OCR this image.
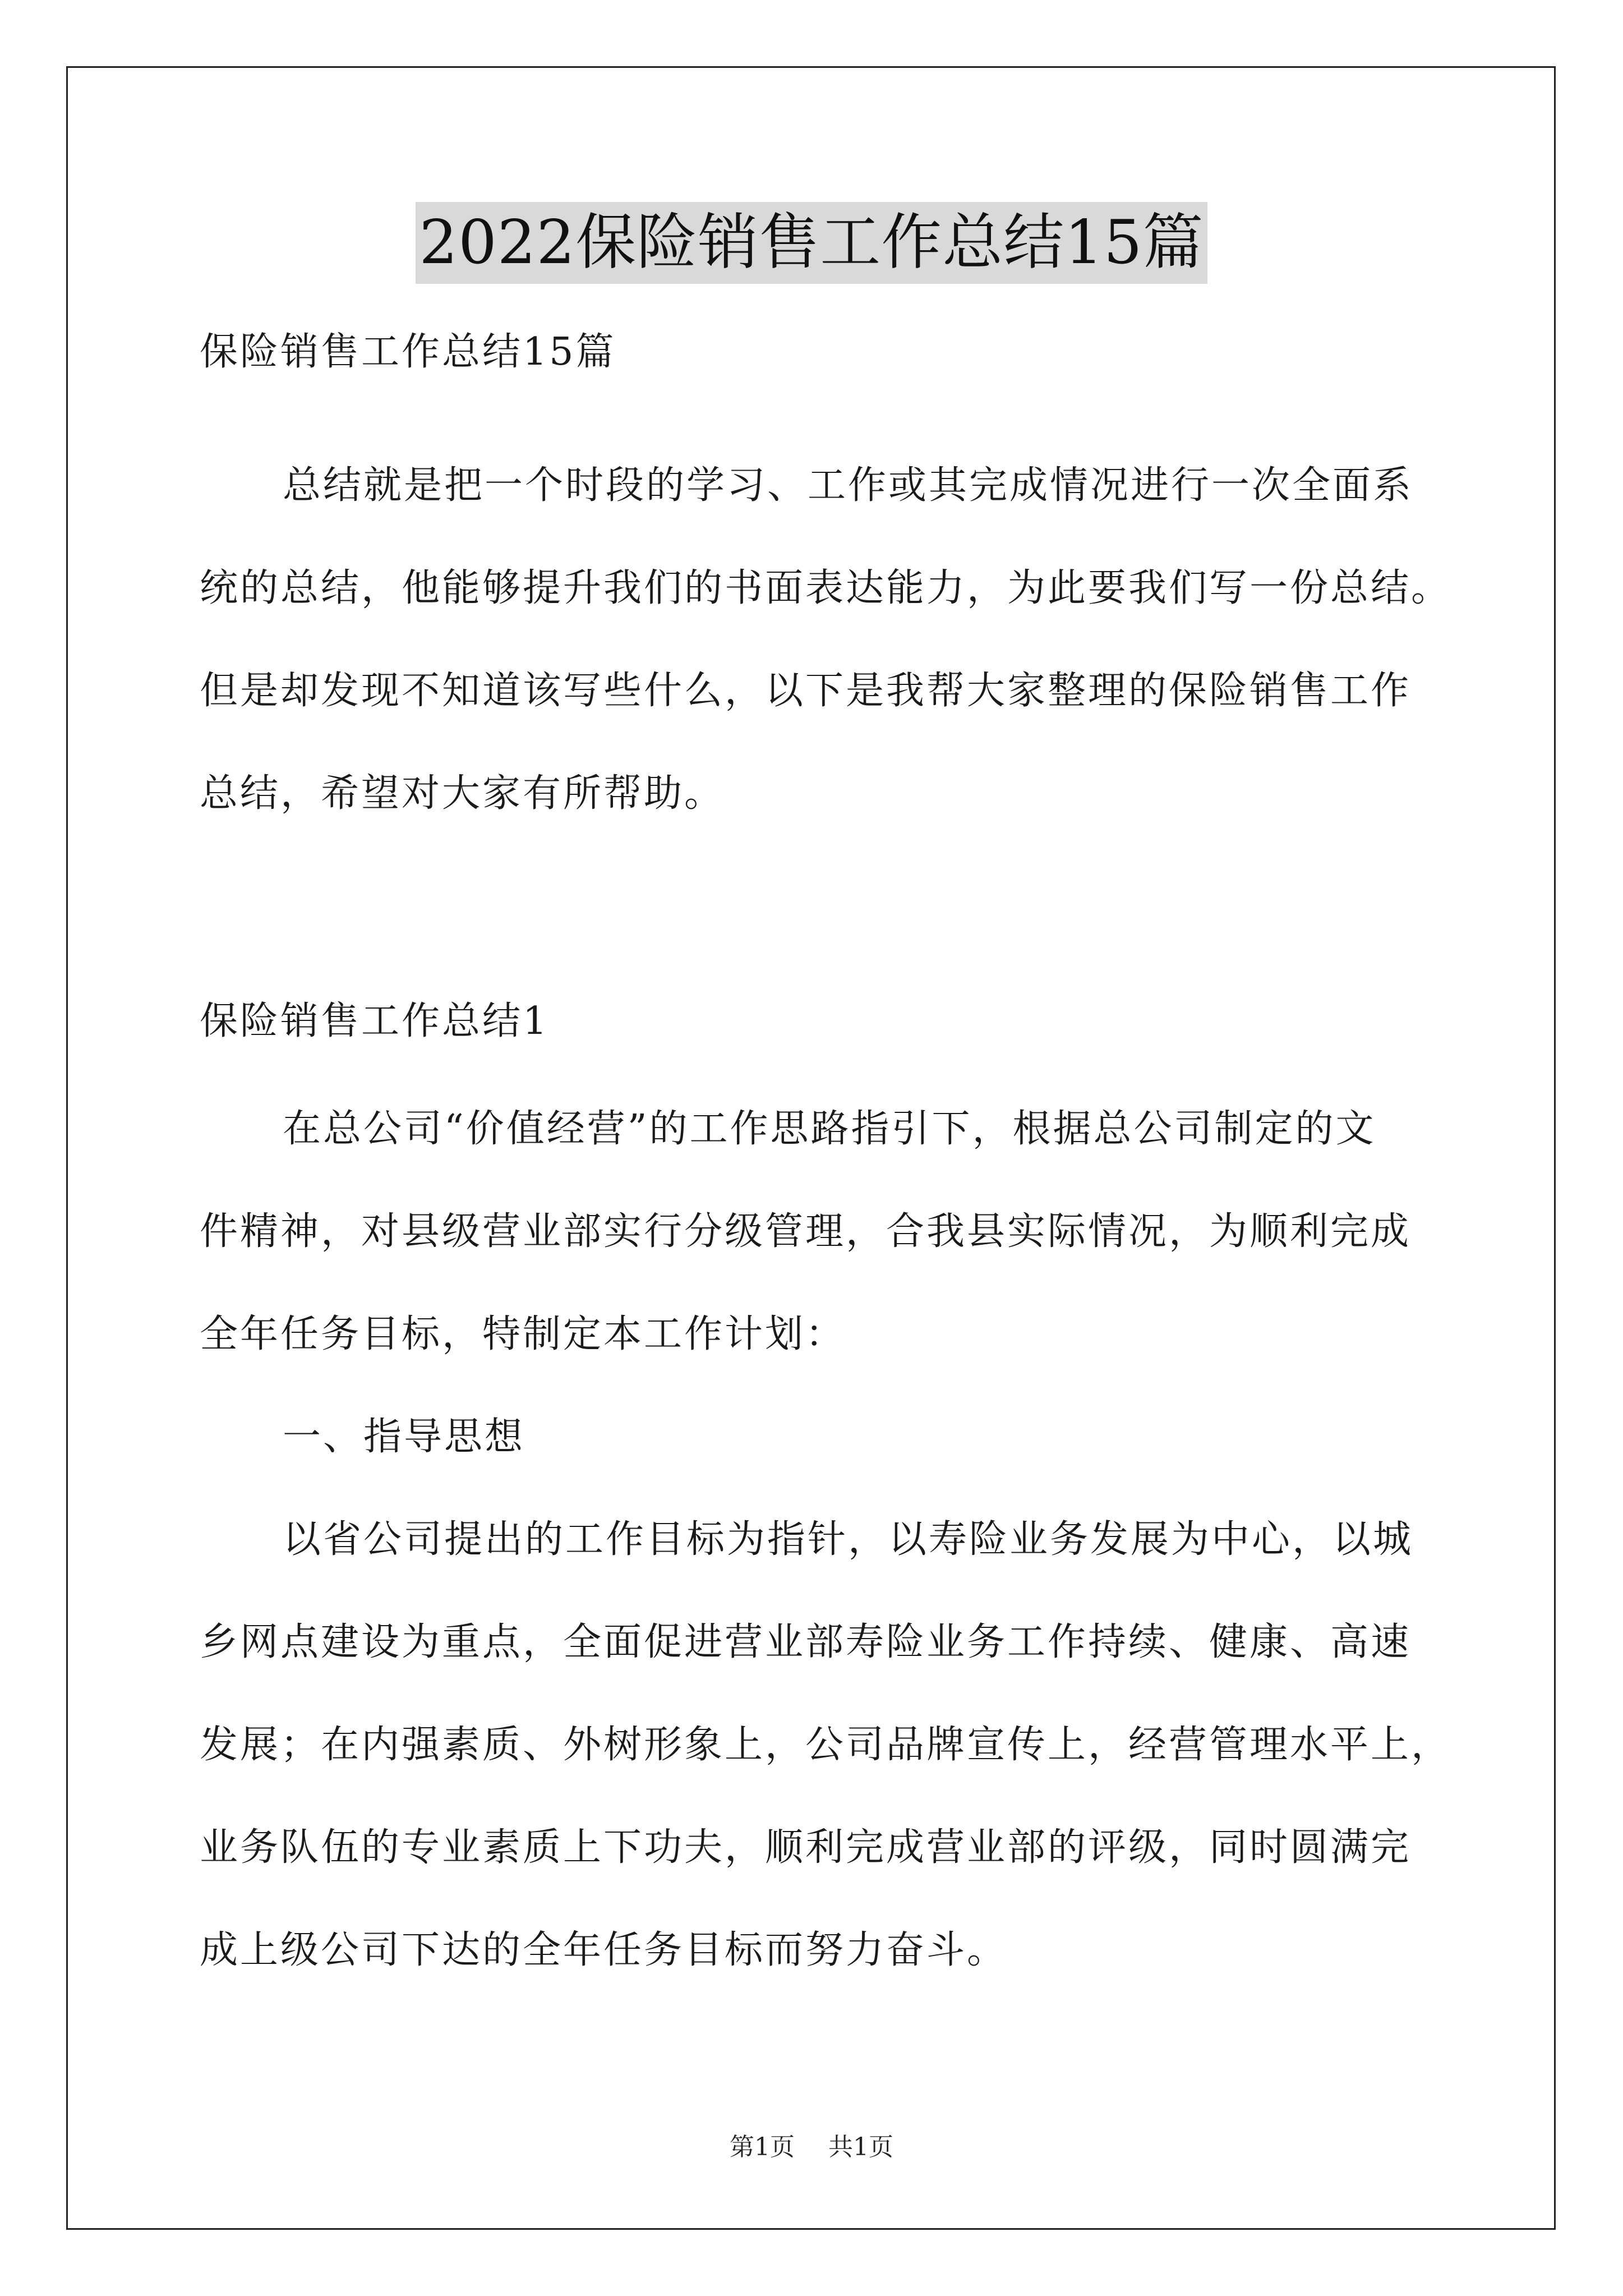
2022保险销售工作总结15篇

保险销售工作总结15篇

总结就是把一个时段的学习、工作或其完成情况进行一次全面系

统的总结，他能够提升我们的书面表达能力，为此要我们写一份总结。

但是却发现不知道该写些什么，以下是我帮大家整理的保险销售工作

总结，希望对大家有所帮助。

保险销售工作总结1

在总公司“价值经营”的工作思路指引下，根据总公司制定的文

件精神，对县级营业部实行分级管理，合我县实际情况，为顺利完成

全年任务目标，特制定本工作计划：

一、指导思想

以省公司提出的工作目标为指针，以寿险业务发展为中心，以城

乡网点建设为重点，全面促进营业部寿险业务工作持续、健康、高速

发展；在内强素质、外树形象上，公司品牌宣传上，经营管理水平上，

业务队伍的专业素质上下功夫，顺利完成营业部的评级，同时圆满完

成上级公司下达的全年任务目标而努力奋斗。

第1页 共1页
